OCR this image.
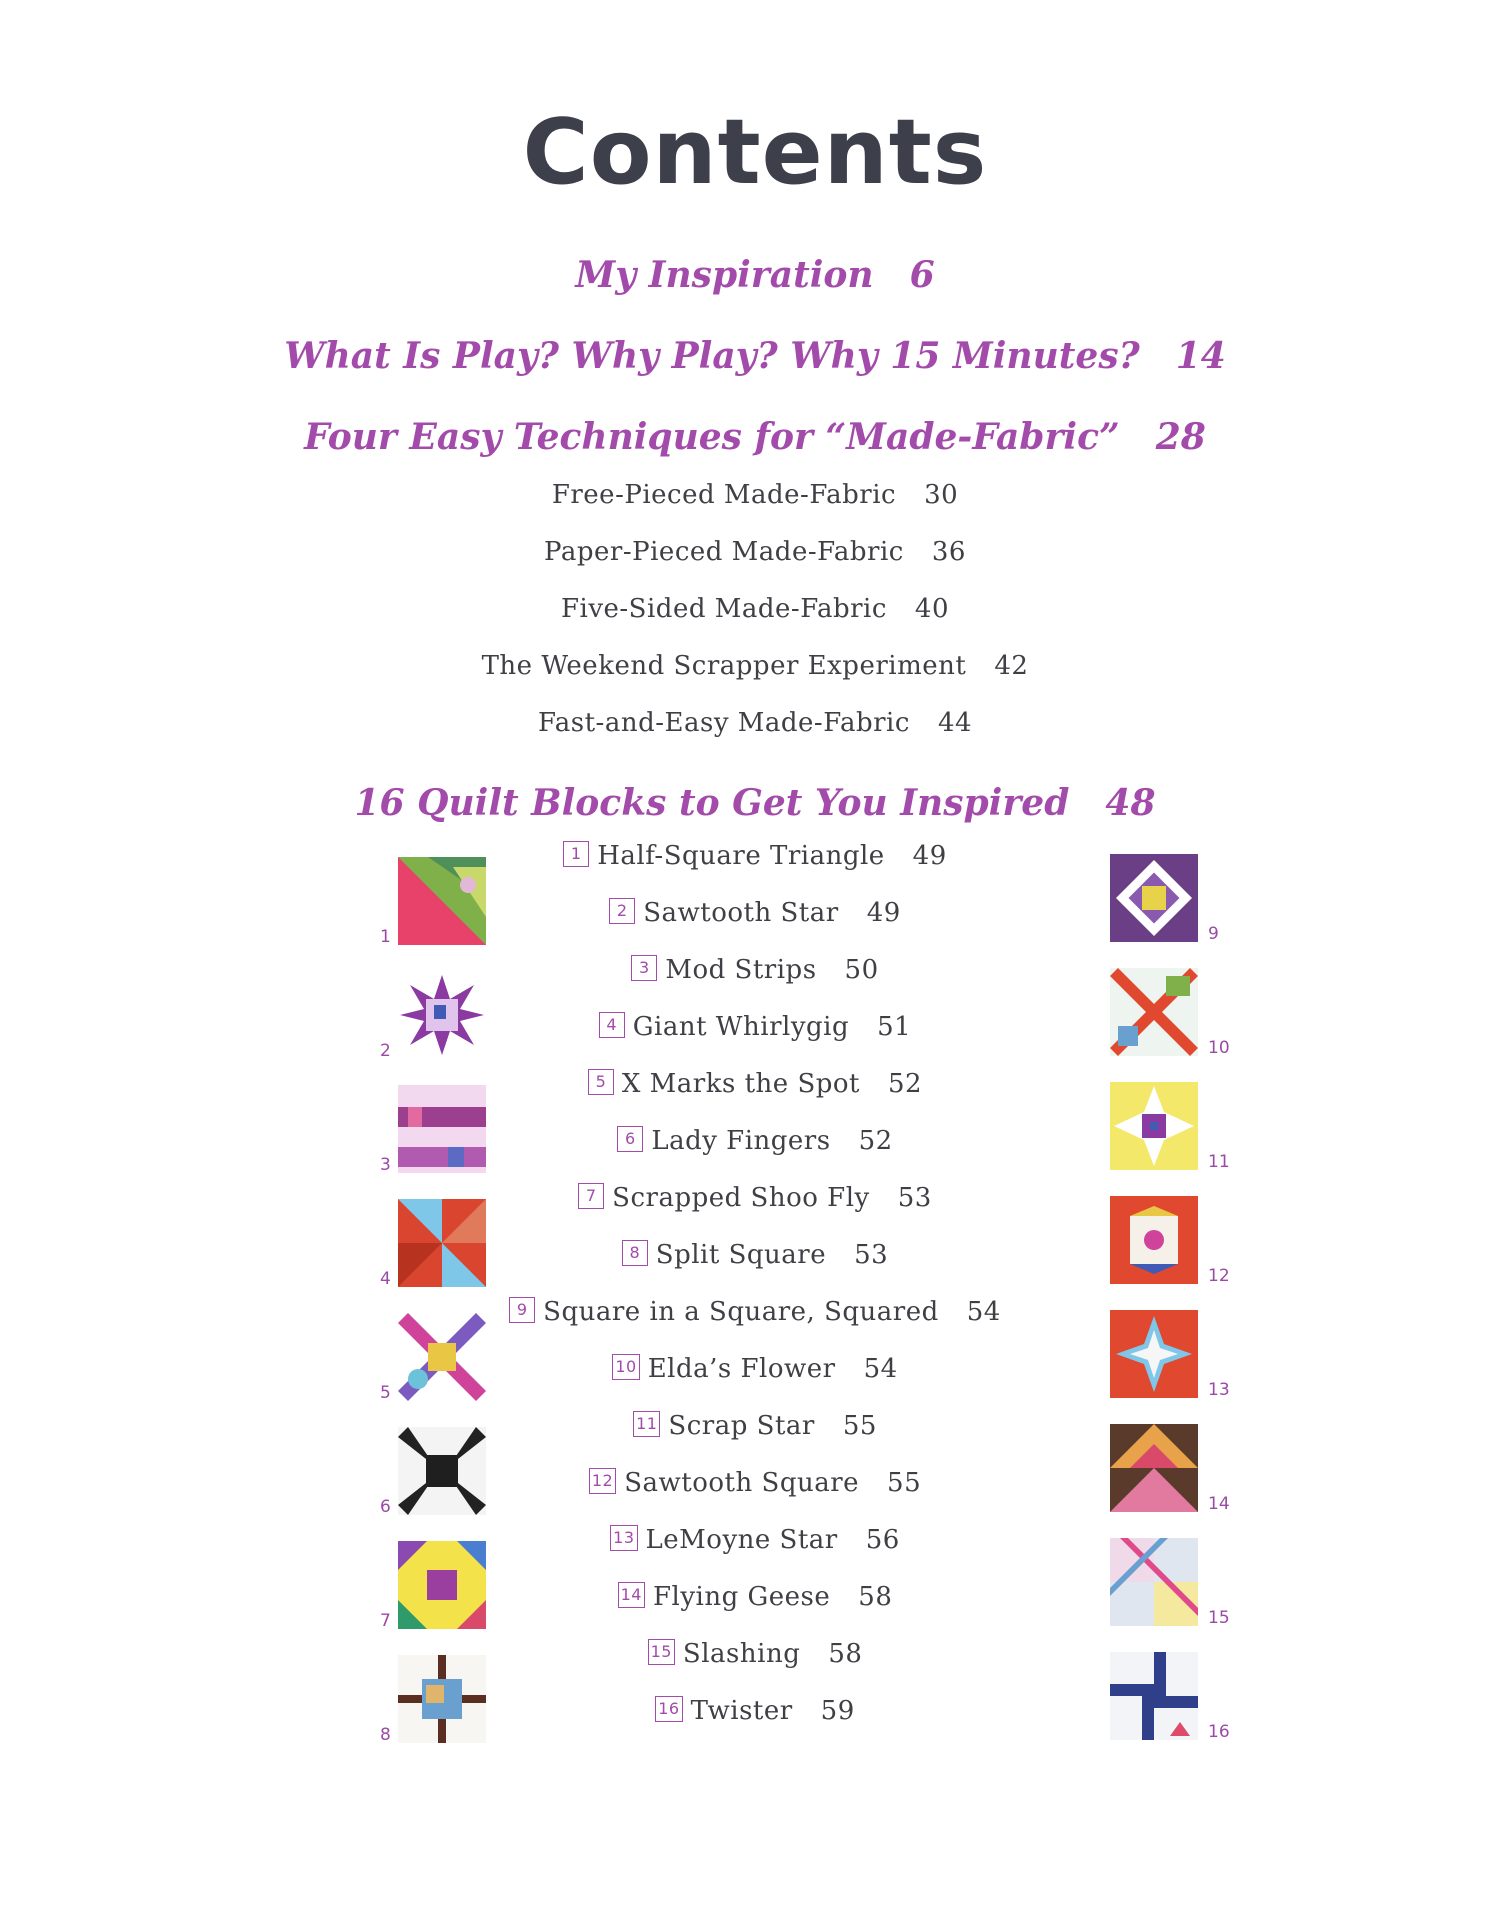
Contents
My Inspiration 6
What Is Play? Why Play? Why 15 Minutes? 14
Four Easy Techniques for “Made-Fabric” 28
Free-Pieced Made-Fabric 30
Paper-Pieced Made-Fabric 36
Five-Sided Made-Fabric 40
The Weekend Scrapper Experiment 42
Fast-and-Easy Made-Fabric 44
16 Quilt Blocks to Get You Inspired 48
1 Half-Square Triangle 49
2 Sawtooth Star 49
3 Mod Strips 50
4 Giant Whirlygig 51
5 X Marks the Spot 52
6 Lady Fingers 52
7 Scrapped Shoo Fly 53
8 Split Square 53
9 Square in a Square, Squared 54
10 Elda’s Flower 54
11 Scrap Star 55
12 Sawtooth Square 55
13 LeMoyne Star 56
14 Flying Geese 58
15 Slashing 58
16 Twister 59
1
2
3
4
5
6
7
8
9
10
11
12
13
14
15
16
